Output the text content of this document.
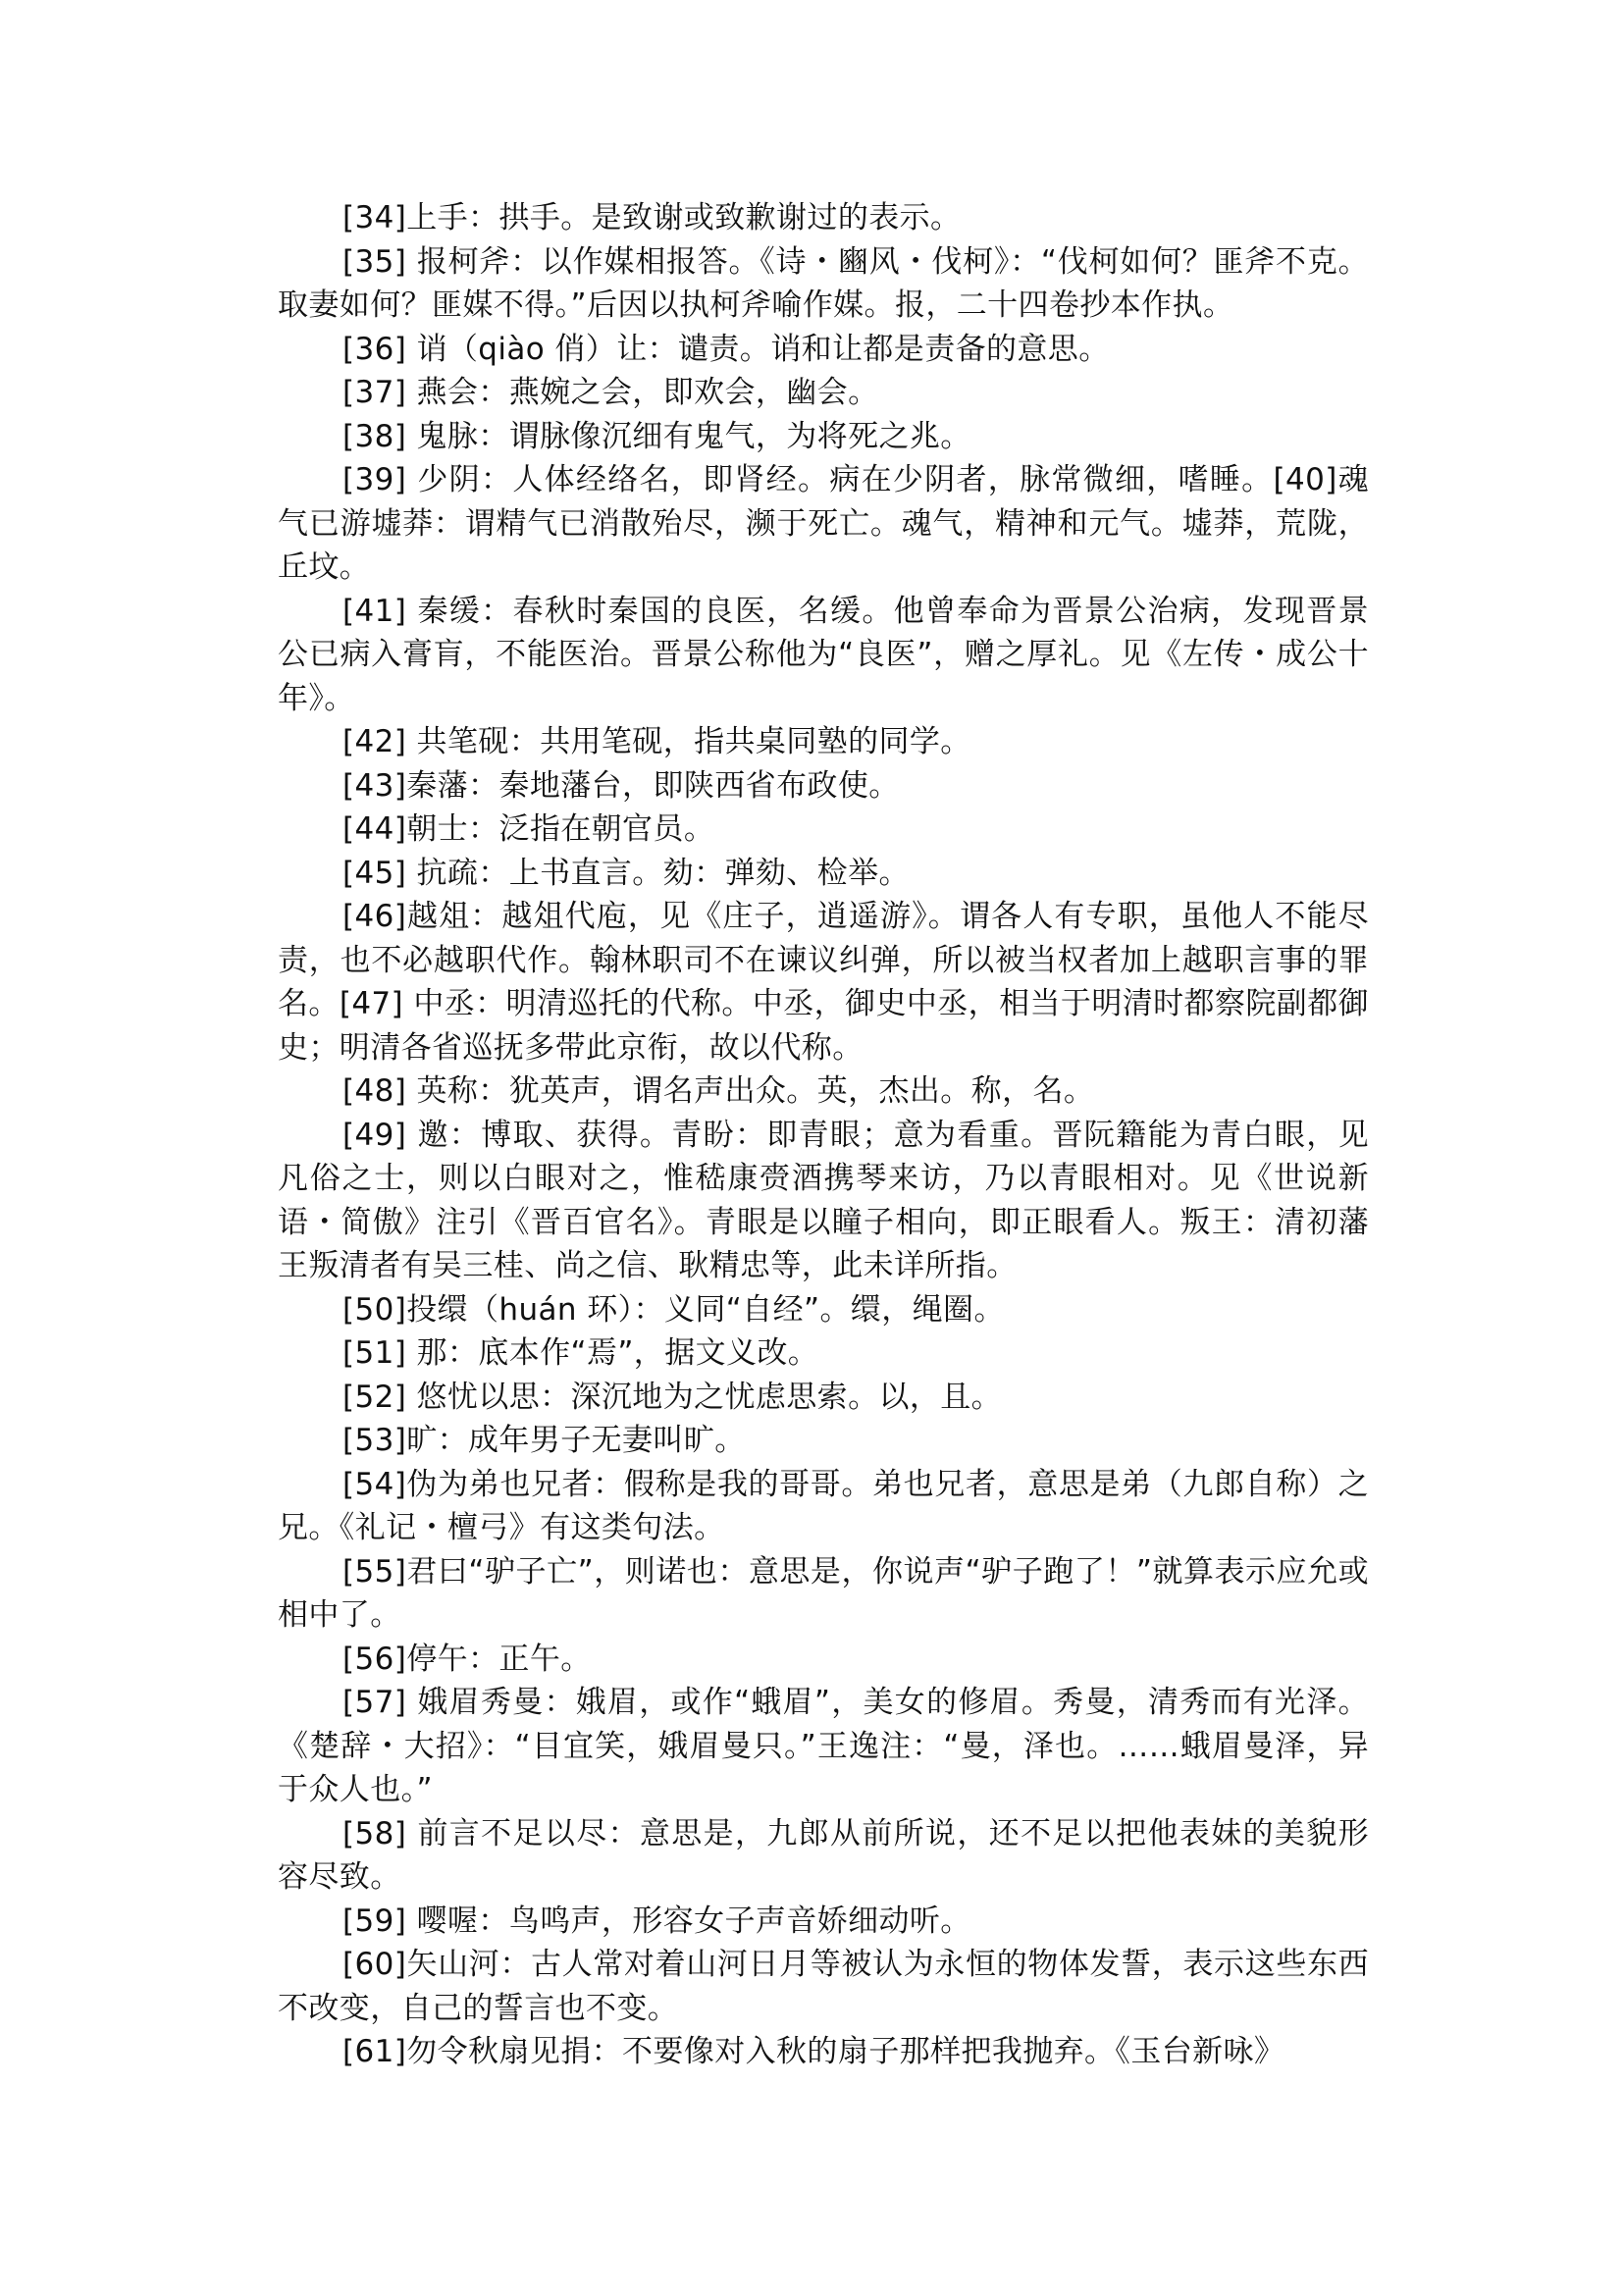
[34]上手：拱手。是致谢或致歉谢过的表示。

[35] 报柯斧：以作媒相报答。《诗・豳风・伐柯》：“伐柯如何？匪斧不克。取妻如何？匪媒不得。”后因以执柯斧喻作媒。报，二十四卷抄本作执。

[36] 诮（qiào 俏）让：谴责。诮和让都是责备的意思。

[37] 燕会：燕婉之会，即欢会，幽会。

[38] 鬼脉：谓脉像沉细有鬼气，为将死之兆。

[39] 少阴：人体经络名，即肾经。病在少阴者，脉常微细，嗜睡。[40]魂气已游墟莽：谓精气已消散殆尽，濒于死亡。魂气，精神和元气。墟莽，荒陇，丘坟。

[41] 秦缓：春秋时秦国的良医，名缓。他曾奉命为晋景公治病，发现晋景公已病入膏肓，不能医治。晋景公称他为“良医”，赠之厚礼。见《左传・成公十年》。

[42] 共笔砚：共用笔砚，指共桌同塾的同学。

[43]秦藩：秦地藩台，即陕西省布政使。

[44]朝士：泛指在朝官员。

[45] 抗疏：上书直言。劾：弹劾、检举。

[46]越俎：越俎代庖，见《庄子，逍遥游》。谓各人有专职，虽他人不能尽责，也不必越职代作。翰林职司不在谏议纠弹，所以被当权者加上越职言事的罪名。[47] 中丞：明清巡托的代称。中丞，御史中丞，相当于明清时都察院副都御史；明清各省巡抚多带此京衔，故以代称。

[48] 英称：犹英声，谓名声出众。英，杰出。称，名。

[49] 邀：博取、获得。青盼：即青眼；意为看重。晋阮籍能为青白眼，见凡俗之士，则以白眼对之，惟嵇康赍酒携琴来访，乃以青眼相对。见《世说新语・简傲》注引《晋百官名》。青眼是以瞳子相向，即正眼看人。叛王：清初藩王叛清者有吴三桂、尚之信、耿精忠等，此未详所指。

[50]投缳（huán 环）：义同“自经”。缳，绳圈。

[51] 那：底本作“焉”，据文义改。

[52] 悠忧以思：深沉地为之忧虑思索。以，且。

[53]旷：成年男子无妻叫旷。

[54]伪为弟也兄者：假称是我的哥哥。弟也兄者，意思是弟（九郎自称）之兄。《礼记・檀弓》有这类句法。

[55]君曰“驴子亡”，则诺也：意思是，你说声“驴子跑了！”就算表示应允或相中了。

[56]停午：正午。

[57] 娥眉秀曼：娥眉，或作“蛾眉”，美女的修眉。秀曼，清秀而有光泽。《楚辞・大招》：“目宜笑，娥眉曼只。”王逸注：“曼，泽也。……蛾眉曼泽，异于众人也。”

[58] 前言不足以尽：意思是，九郎从前所说，还不足以把他表妹的美貌形容尽致。

[59] 嘤喔：鸟鸣声，形容女子声音娇细动听。

[60]矢山河：古人常对着山河日月等被认为永恒的物体发誓，表示这些东西不改变，自己的誓言也不变。

[61]勿令秋扇见捐：不要像对入秋的扇子那样把我抛弃。《玉台新咏》
